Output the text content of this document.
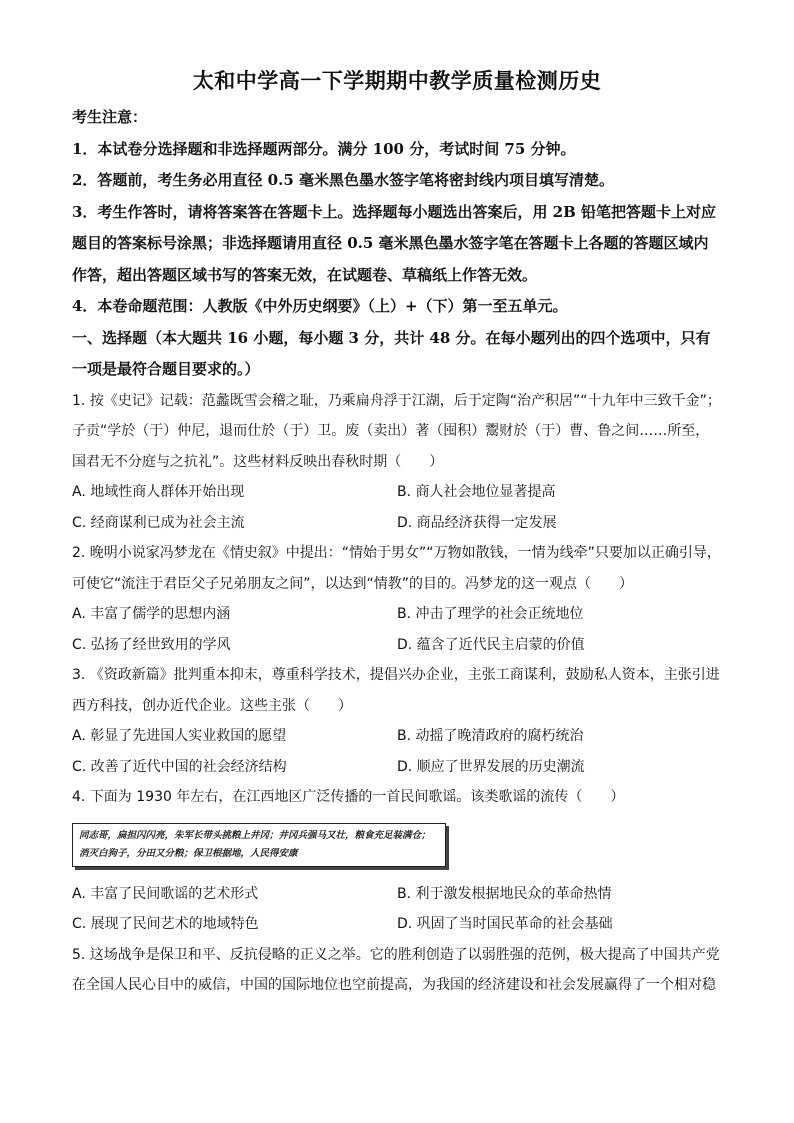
太和中学高一下学期期中教学质量检测历史

考生注意：

1．本试卷分选择题和非选择题两部分。满分 100 分，考试时间 75 分钟。

2．答题前，考生务必用直径 0.5 毫米黑色墨水签字笔将密封线内项目填写清楚。

3．考生作答时，请将答案答在答题卡上。选择题每小题选出答案后，用 2B 铅笔把答题卡上对应题目的答案标号涂黑；非选择题请用直径 0.5 毫米黑色墨水签字笔在答题卡上各题的答题区域内作答，超出答题区域书写的答案无效，在试题卷、草稿纸上作答无效。

4．本卷命题范围：人教版《中外历史纲要》（上）+（下）第一至五单元。

一、选择题（本大题共 16 小题，每小题 3 分，共计 48 分。在每小题列出的四个选项中，只有一项是最符合题目要求的。）

1. 按《史记》记载：范蠡既雪会稽之耻，乃乘扁舟浮于江湖，后于定陶“治产积居”“十九年中三致千金”；子贡“学於（于）仲尼，退而仕於（于）卫。废（卖出）著（囤积）鬻财於（于）曹、鲁之间……所至，国君无不分庭与之抗礼”。这些材料反映出春秋时期（　　）

A. 地域性商人群体开始出现	B. 商人社会地位显著提高
C. 经商谋利已成为社会主流	D. 商品经济获得一定发展

2. 晚明小说家冯梦龙在《情史叙》中提出：“情始于男女”“万物如散钱，一情为线牵”只要加以正确引导，可使它“流注于君臣父子兄弟朋友之间”，以达到“情教”的目的。冯梦龙的这一观点（　　）

A. 丰富了儒学的思想内涵	B. 冲击了理学的社会正统地位
C. 弘扬了经世致用的学风	D. 蕴含了近代民主启蒙的价值

3. 《资政新篇》批判重本抑末，尊重科学技术，提倡兴办企业，主张工商谋利，鼓励私人资本，主张引进西方科技，创办近代企业。这些主张（　　）

A. 彰显了先进国人实业救国的愿望	B. 动摇了晚清政府的腐朽统治
C. 改善了近代中国的社会经济结构	D. 顺应了世界发展的历史潮流

4. 下面为 1930 年左右，在江西地区广泛传播的一首民间歌谣。该类歌谣的流传（　　）

同志哥，扁担闪闪亮，朱军长带头挑粮上井冈；井冈兵强马又壮，粮食充足装满仓；消灭白狗子，分田又分粮；保卫根据地，人民得安康
A. 丰富了民间歌谣的艺术形式	B. 利于激发根据地民众的革命热情
C. 展现了民间艺术的地域特色	D. 巩固了当时国民革命的社会基础

5. 这场战争是保卫和平、反抗侵略的正义之举。它的胜利创造了以弱胜强的范例，极大提高了中国共产党在全国人民心目中的威信，中国的国际地位也空前提高，为我国的经济建设和社会发展赢得了一个相对稳
